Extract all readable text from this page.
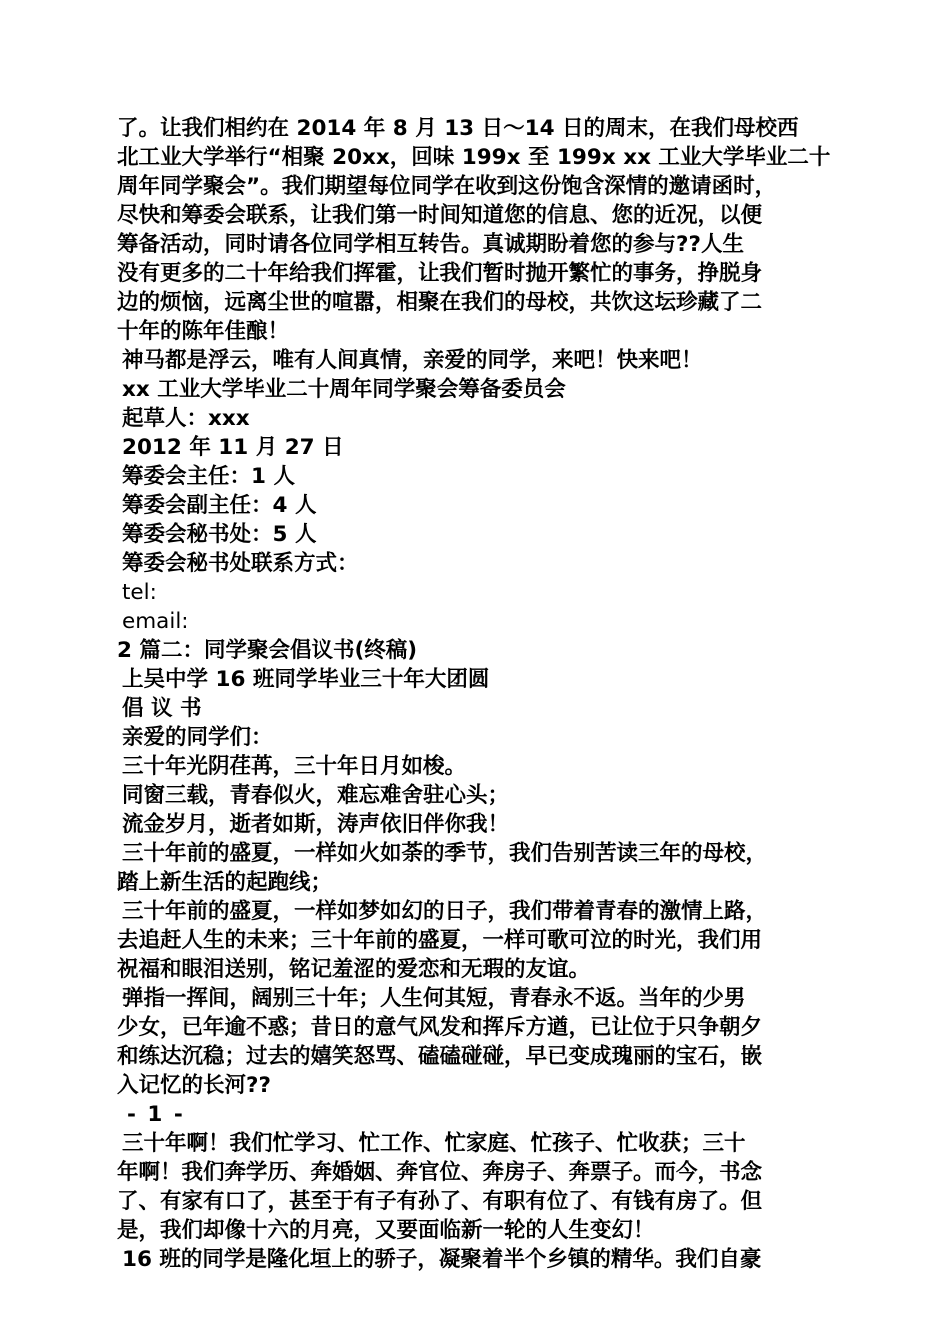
了。让我们相约在 2014 年 8 月 13 日～14 日的周末，在我们母校西
北工业大学举行“相聚 20xx，回味 199x 至 199x xx 工业大学毕业二十
周年同学聚会”。我们期望每位同学在收到这份饱含深情的邀请函时，
尽快和筹委会联系，让我们第一时间知道您的信息、您的近况，以便
筹备活动，同时请各位同学相互转告。真诚期盼着您的参与??人生
没有更多的二十年给我们挥霍，让我们暂时抛开繁忙的事务，挣脱身
边的烦恼，远离尘世的喧嚣，相聚在我们的母校，共饮这坛珍藏了二
十年的陈年佳酿！
神马都是浮云，唯有人间真情，亲爱的同学，来吧！快来吧！
xx 工业大学毕业二十周年同学聚会筹备委员会
起草人：xxx
2012 年 11 月 27 日
筹委会主任：1 人
筹委会副主任：4 人
筹委会秘书处：5 人
筹委会秘书处联系方式：
tel:
email:
2 篇二：同学聚会倡议书(终稿)
上吴中学 16 班同学毕业三十年大团圆
倡 议 书
亲爱的同学们：
三十年光阴荏苒，三十年日月如梭。
同窗三载，青春似火，难忘难舍驻心头；
流金岁月，逝者如斯，涛声依旧伴你我！
三十年前的盛夏，一样如火如荼的季节，我们告别苦读三年的母校，
踏上新生活的起跑线；
三十年前的盛夏，一样如梦如幻的日子，我们带着青春的激情上路，
去追赶人生的未来；三十年前的盛夏，一样可歌可泣的时光，我们用
祝福和眼泪送别，铭记羞涩的爱恋和无瑕的友谊。
弹指一挥间，阔别三十年；人生何其短，青春永不返。当年的少男
少女，已年逾不惑；昔日的意气风发和挥斥方遒，已让位于只争朝夕
和练达沉稳；过去的嬉笑怒骂、磕磕碰碰，早已变成瑰丽的宝石，嵌
入记忆的长河??
- 1 -
三十年啊！我们忙学习、忙工作、忙家庭、忙孩子、忙收获；三十
年啊！我们奔学历、奔婚姻、奔官位、奔房子、奔票子。而今，书念
了、有家有口了，甚至于有子有孙了、有职有位了、有钱有房了。但
是，我们却像十六的月亮，又要面临新一轮的人生变幻！
16 班的同学是隆化垣上的骄子，凝聚着半个乡镇的精华。我们自豪
